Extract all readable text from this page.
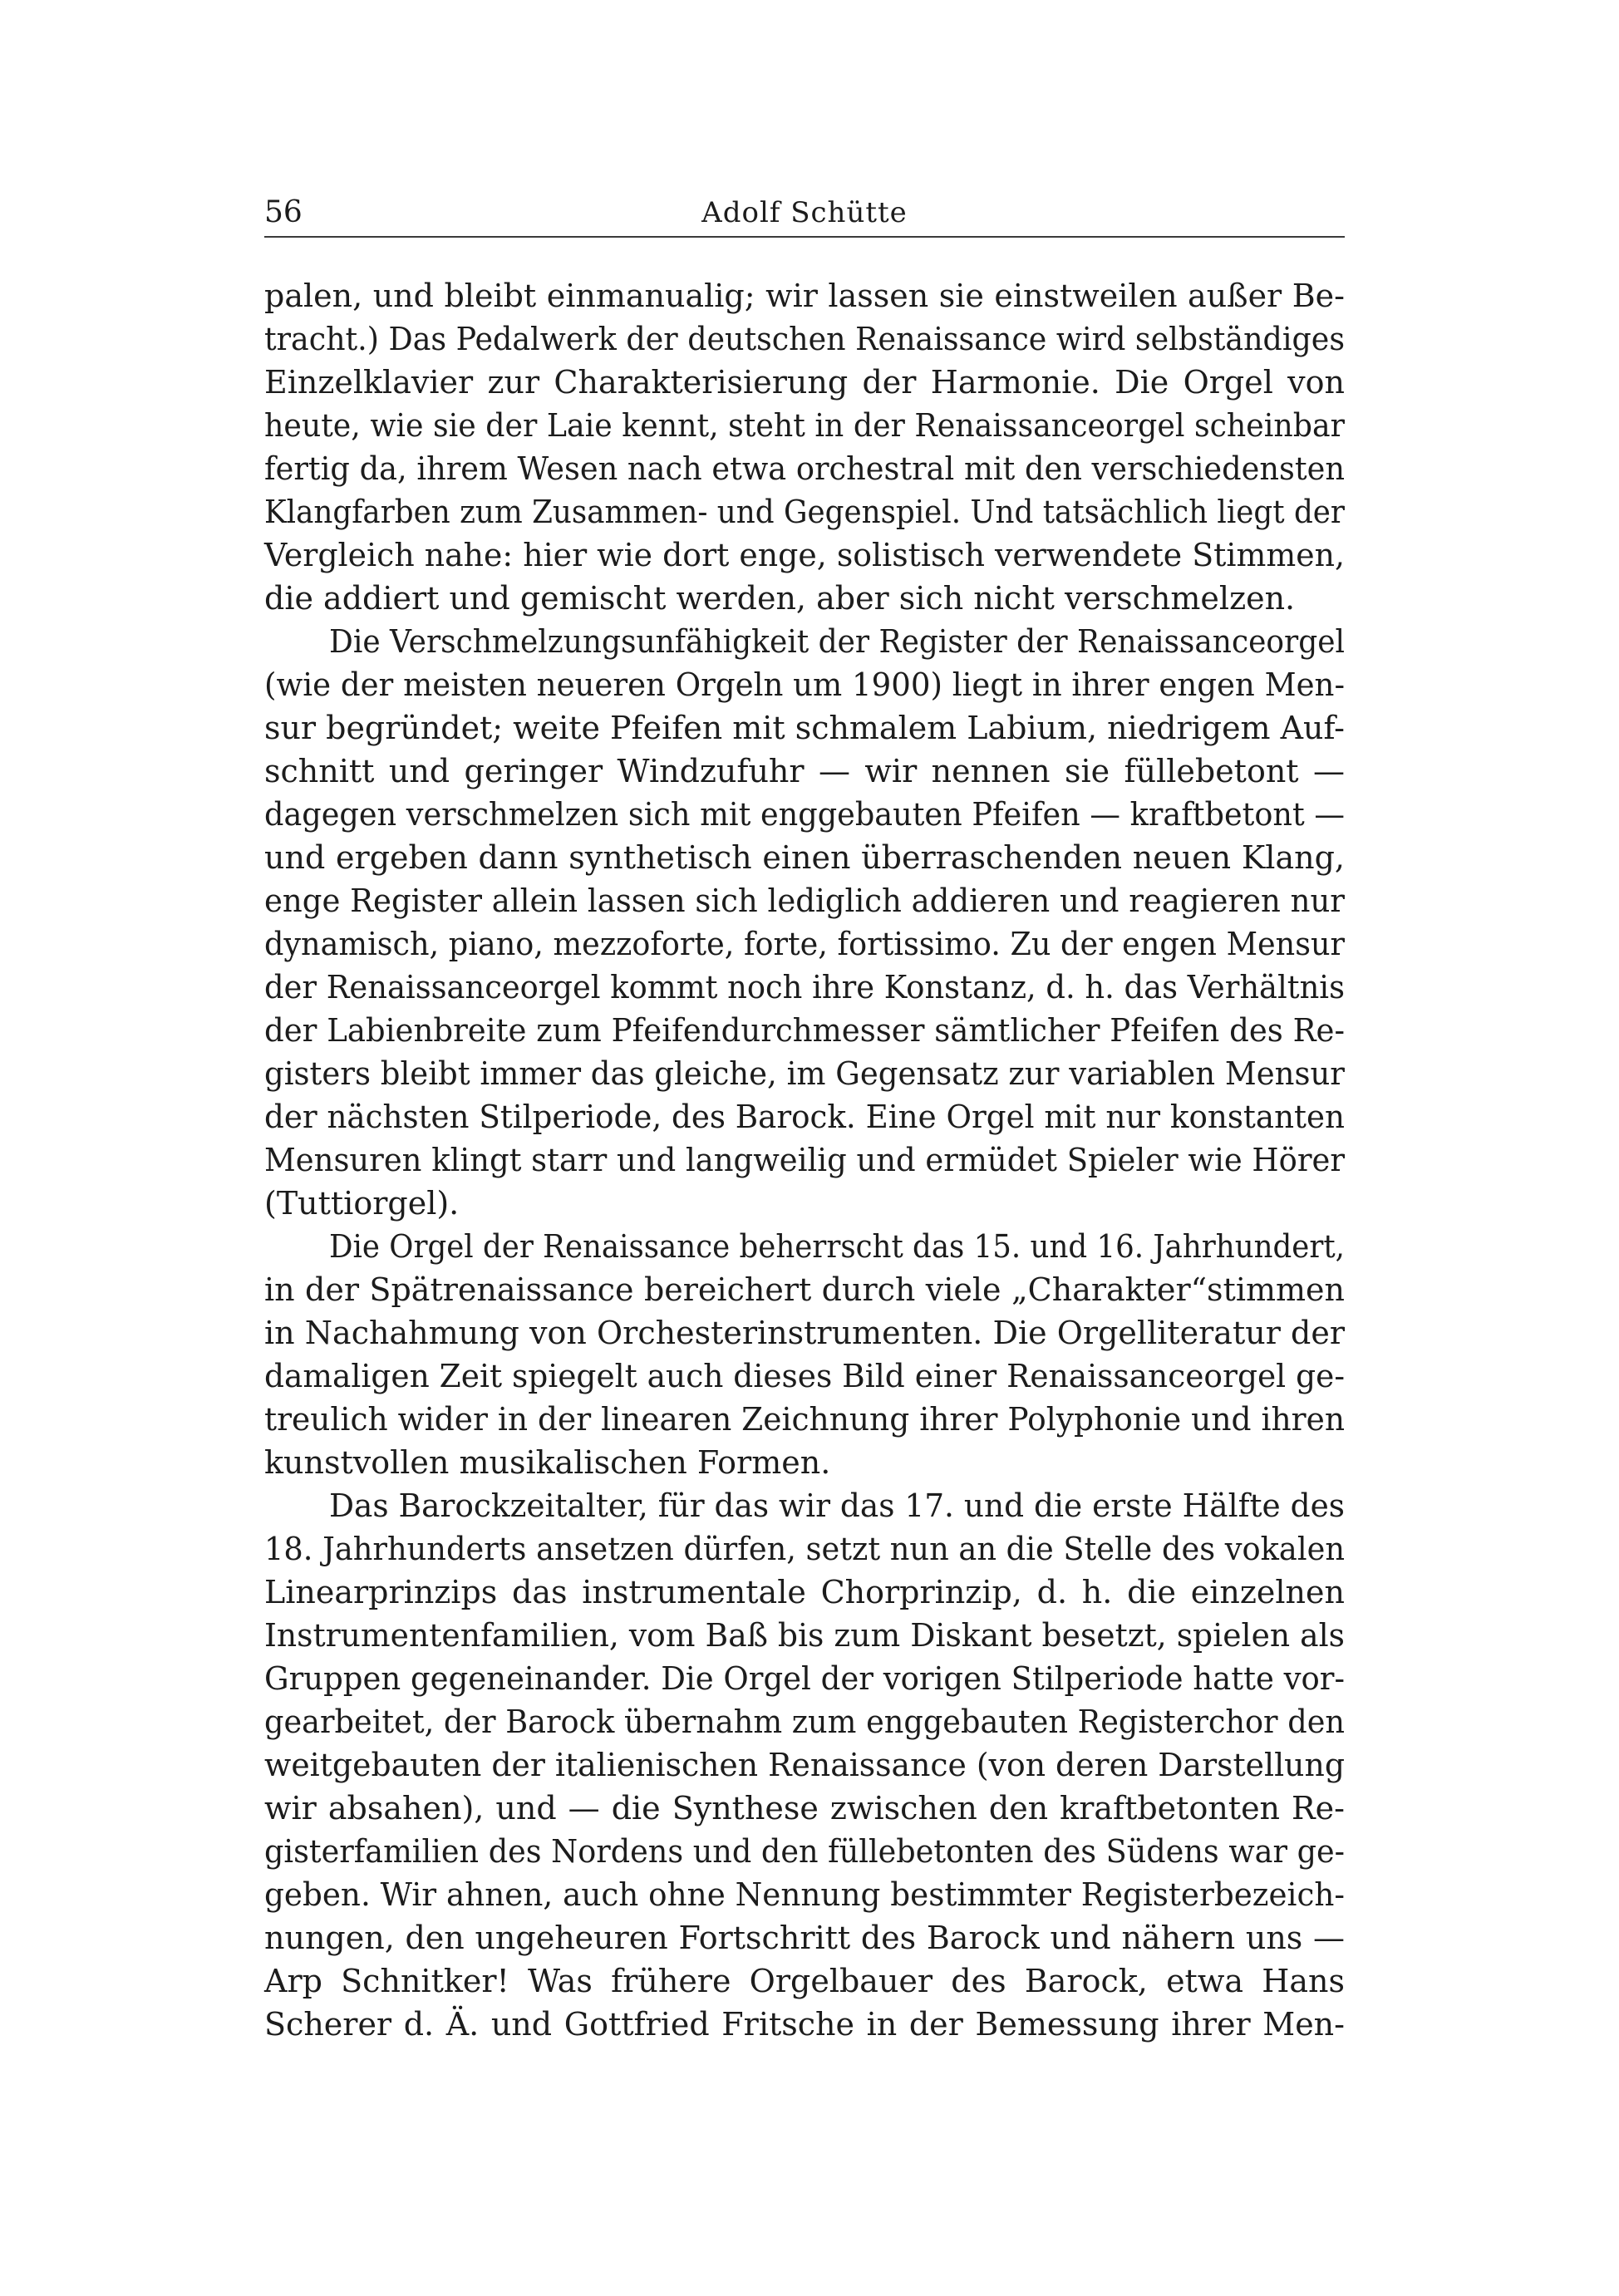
56	Adolf Schütte
palen, und bleibt einmanualig; wir lassen sie einstweilen außer Be-
tracht.) Das Pedalwerk der deutschen Renaissance wird selbständiges
Einzelklavier zur Charakterisierung der Harmonie. Die Orgel von
heute, wie sie der Laie kennt, steht in der Renaissanceorgel scheinbar
fertig da, ihrem Wesen nach etwa orchestral mit den verschiedensten
Klangfarben zum Zusammen- und Gegenspiel. Und tatsächlich liegt der
Vergleich nahe: hier wie dort enge, solistisch verwendete Stimmen,
die addiert und gemischt werden, aber sich nicht verschmelzen.
Die Verschmelzungsunfähigkeit der Register der Renaissanceorgel
(wie der meisten neueren Orgeln um 1900) liegt in ihrer engen Men-
sur begründet; weite Pfeifen mit schmalem Labium, niedrigem Auf-
schnitt und geringer Windzufuhr — wir nennen sie füllebetont —
dagegen verschmelzen sich mit enggebauten Pfeifen — kraftbetont —
und ergeben dann synthetisch einen überraschenden neuen Klang,
enge Register allein lassen sich lediglich addieren und reagieren nur
dynamisch, piano, mezzoforte, forte, fortissimo. Zu der engen Mensur
der Renaissanceorgel kommt noch ihre Konstanz, d. h. das Verhältnis
der Labienbreite zum Pfeifendurchmesser sämtlicher Pfeifen des Re-
gisters bleibt immer das gleiche, im Gegensatz zur variablen Mensur
der nächsten Stilperiode, des Barock. Eine Orgel mit nur konstanten
Mensuren klingt starr und langweilig und ermüdet Spieler wie Hörer
(Tuttiorgel).
Die Orgel der Renaissance beherrscht das 15. und 16. Jahrhundert,
in der Spätrenaissance bereichert durch viele „Charakter“stimmen
in Nachahmung von Orchesterinstrumenten. Die Orgelliteratur der
damaligen Zeit spiegelt auch dieses Bild einer Renaissanceorgel ge-
treulich wider in der linearen Zeichnung ihrer Polyphonie und ihren
kunstvollen musikalischen Formen.
Das Barockzeitalter, für das wir das 17. und die erste Hälfte des
18. Jahrhunderts ansetzen dürfen, setzt nun an die Stelle des vokalen
Linearprinzips das instrumentale Chorprinzip, d. h. die einzelnen
Instrumentenfamilien, vom Baß bis zum Diskant besetzt, spielen als
Gruppen gegeneinander. Die Orgel der vorigen Stilperiode hatte vor-
gearbeitet, der Barock übernahm zum enggebauten Registerchor den
weitgebauten der italienischen Renaissance (von deren Darstellung
wir absahen), und — die Synthese zwischen den kraftbetonten Re-
gisterfamilien des Nordens und den füllebetonten des Südens war ge-
geben. Wir ahnen, auch ohne Nennung bestimmter Registerbezeich-
nungen, den ungeheuren Fortschritt des Barock und nähern uns —
Arp Schnitker! Was frühere Orgelbauer des Barock, etwa Hans
Scherer d. Ä. und Gottfried Fritsche in der Bemessung ihrer Men-
